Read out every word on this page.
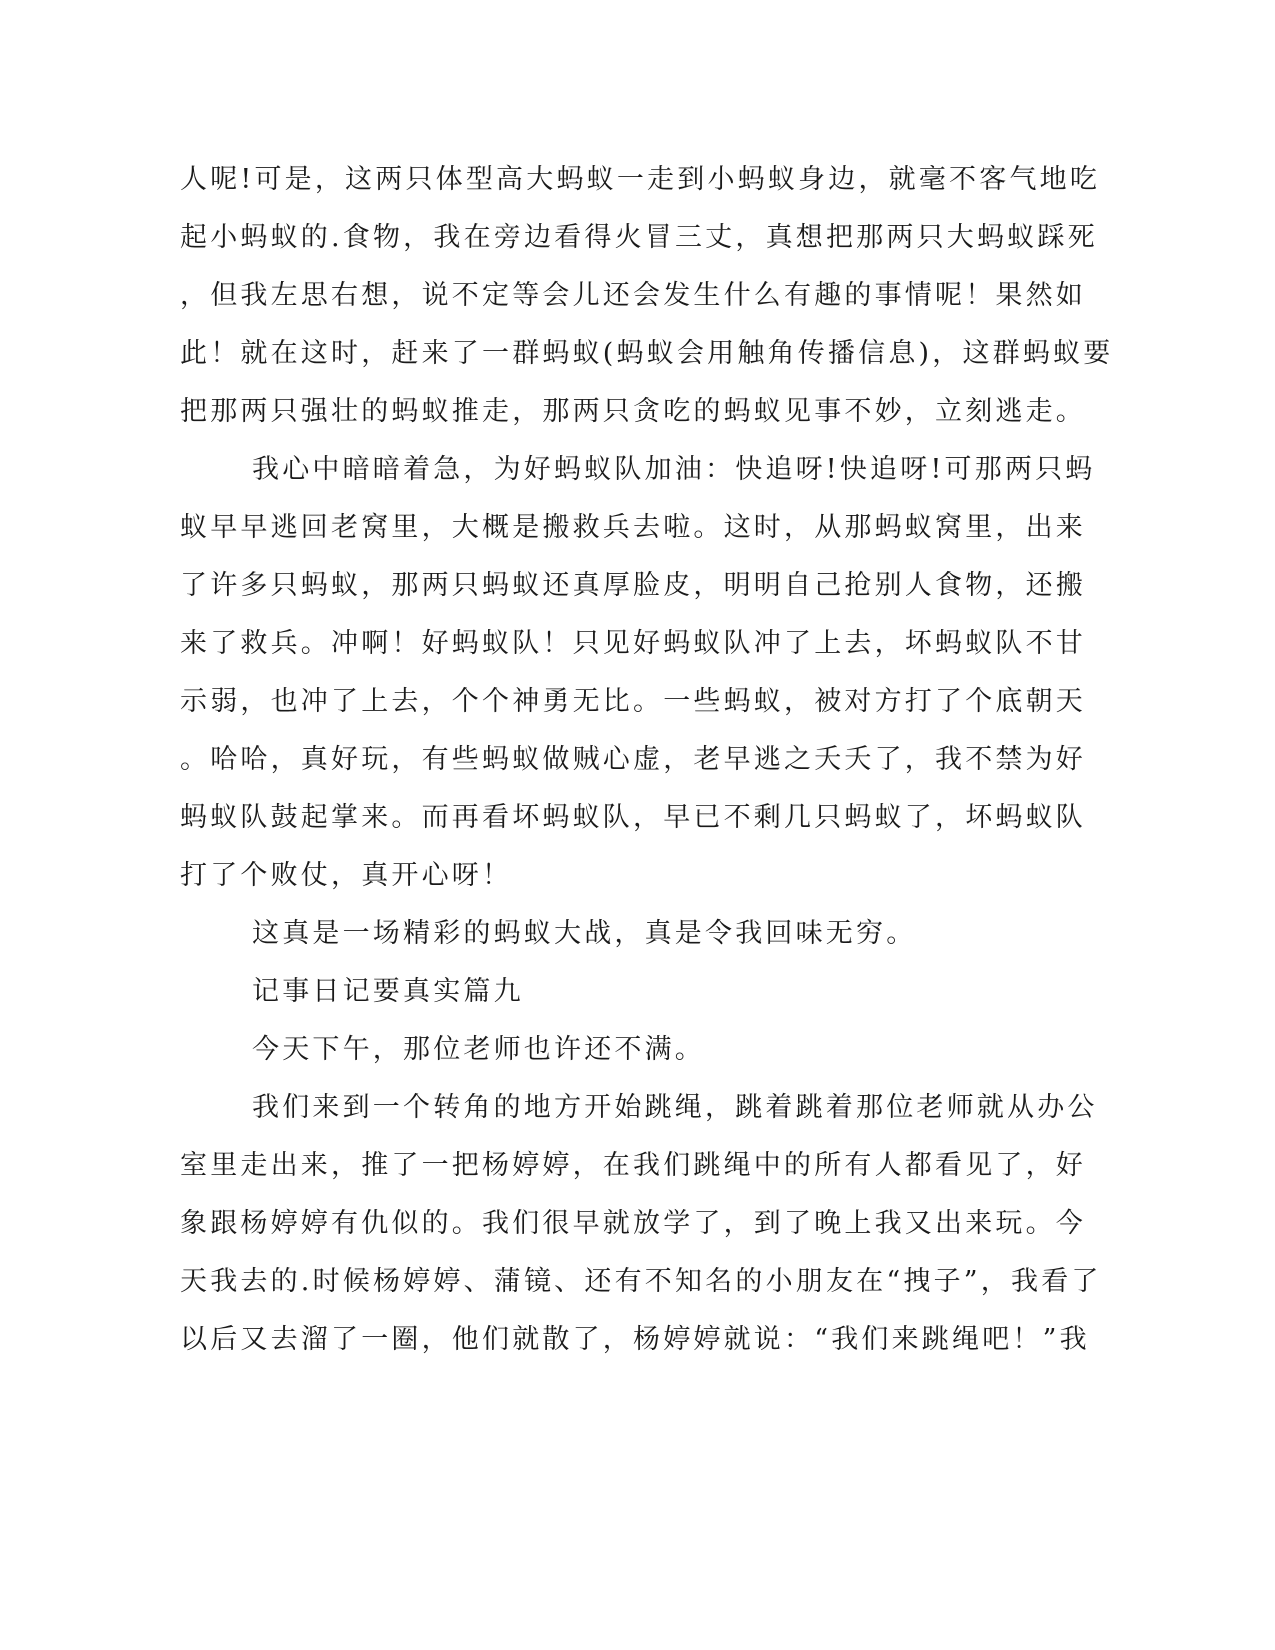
人呢!可是，这两只体型高大蚂蚁一走到小蚂蚁身边，就毫不客气地吃
起小蚂蚁的.食物，我在旁边看得火冒三丈，真想把那两只大蚂蚁踩死
，但我左思右想，说不定等会儿还会发生什么有趣的事情呢！果然如
此！就在这时，赶来了一群蚂蚁(蚂蚁会用触角传播信息)，这群蚂蚁要
把那两只强壮的蚂蚁推走，那两只贪吃的蚂蚁见事不妙，立刻逃走。
我心中暗暗着急，为好蚂蚁队加油：快追呀!快追呀!可那两只蚂
蚁早早逃回老窝里，大概是搬救兵去啦。这时，从那蚂蚁窝里，出来
了许多只蚂蚁，那两只蚂蚁还真厚脸皮，明明自己抢别人食物，还搬
来了救兵。冲啊！好蚂蚁队！只见好蚂蚁队冲了上去，坏蚂蚁队不甘
示弱，也冲了上去，个个神勇无比。一些蚂蚁，被对方打了个底朝天
。哈哈，真好玩，有些蚂蚁做贼心虚，老早逃之夭夭了，我不禁为好
蚂蚁队鼓起掌来。而再看坏蚂蚁队，早已不剩几只蚂蚁了，坏蚂蚁队
打了个败仗，真开心呀！
这真是一场精彩的蚂蚁大战，真是令我回味无穷。
记事日记要真实篇九
今天下午，那位老师也许还不满。
我们来到一个转角的地方开始跳绳，跳着跳着那位老师就从办公
室里走出来，推了一把杨婷婷，在我们跳绳中的所有人都看见了，好
象跟杨婷婷有仇似的。我们很早就放学了，到了晚上我又出来玩。今
天我去的.时候杨婷婷、蒲镜、还有不知名的小朋友在“拽子”，我看了
以后又去溜了一圈，他们就散了，杨婷婷就说：“我们来跳绳吧！”我
